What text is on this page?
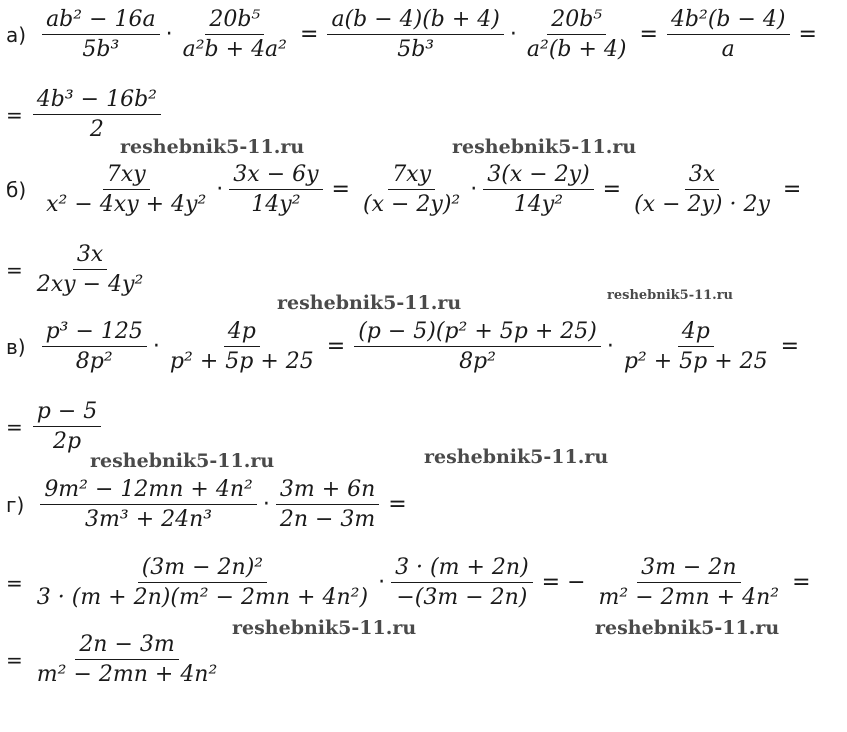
$а) \frac{\text{ab² − 16a}}{\text{5b³}} \cdot \frac{\text{20b⁵}}{\text{a²b + 4a²}} = \frac{a(b - 4)(b + 4)}{\text{5b³}} \cdot \frac{\text{20b⁵}}{\text{a²(b + 4)}} = \frac{\text{4b²(b − 4)}}{a}$ =
= $\frac{\text{4b³ − 16b²}}{2}$
$б) \frac{7xy}{\text{x² − 4xy + 4y²}} \cdot \frac{3x - 6y}{\text{14y²}} = \frac{7xy}{\text{(x − 2y)²}} \cdot \frac{3(x - 2y)}{\text{14y²}} = \frac{3x}{(x - 2y) \cdot 2y}$ =
= $\frac{3x}{\text{2xy − 4y²}}$
$в) \frac{\text{p³ − 125}}{\text{8p²}} \cdot \frac{4p}{\text{p² + 5p + 25}} = \frac{\text{(p − 5)(p² + 5p + 25)}}{\text{8p²}} \cdot \frac{4p}{\text{p² + 5p + 25}}$ =
= $\frac{p - 5}{2p}$
$г) \frac{\text{9m² − 12mn + 4n²}}{\text{3m³ + 24n³}} \cdot \frac{3m + 6n}{2n - 3m}$ =
= $\frac{\text{(3m − 2n)²}}{\text{3 · (m + 2n)(m² − 2mn + 4n²)}} \cdot \frac{3 \cdot (m + 2n)}{-(3m - 2n)}$ = − $\frac{3m - 2n}{\text{m² − 2mn + 4n²}}$ =
= $\frac{2n - 3m}{\text{m² − 2mn + 4n²}}$
reshebnik5-11.ru	reshebnik5-11.ru
reshebnik5-11.ru	reshebnik5-11.ru
reshebnik5-11.ru	reshebnik5-11.ru
reshebnik5-11.ru	reshebnik5-11.ru
